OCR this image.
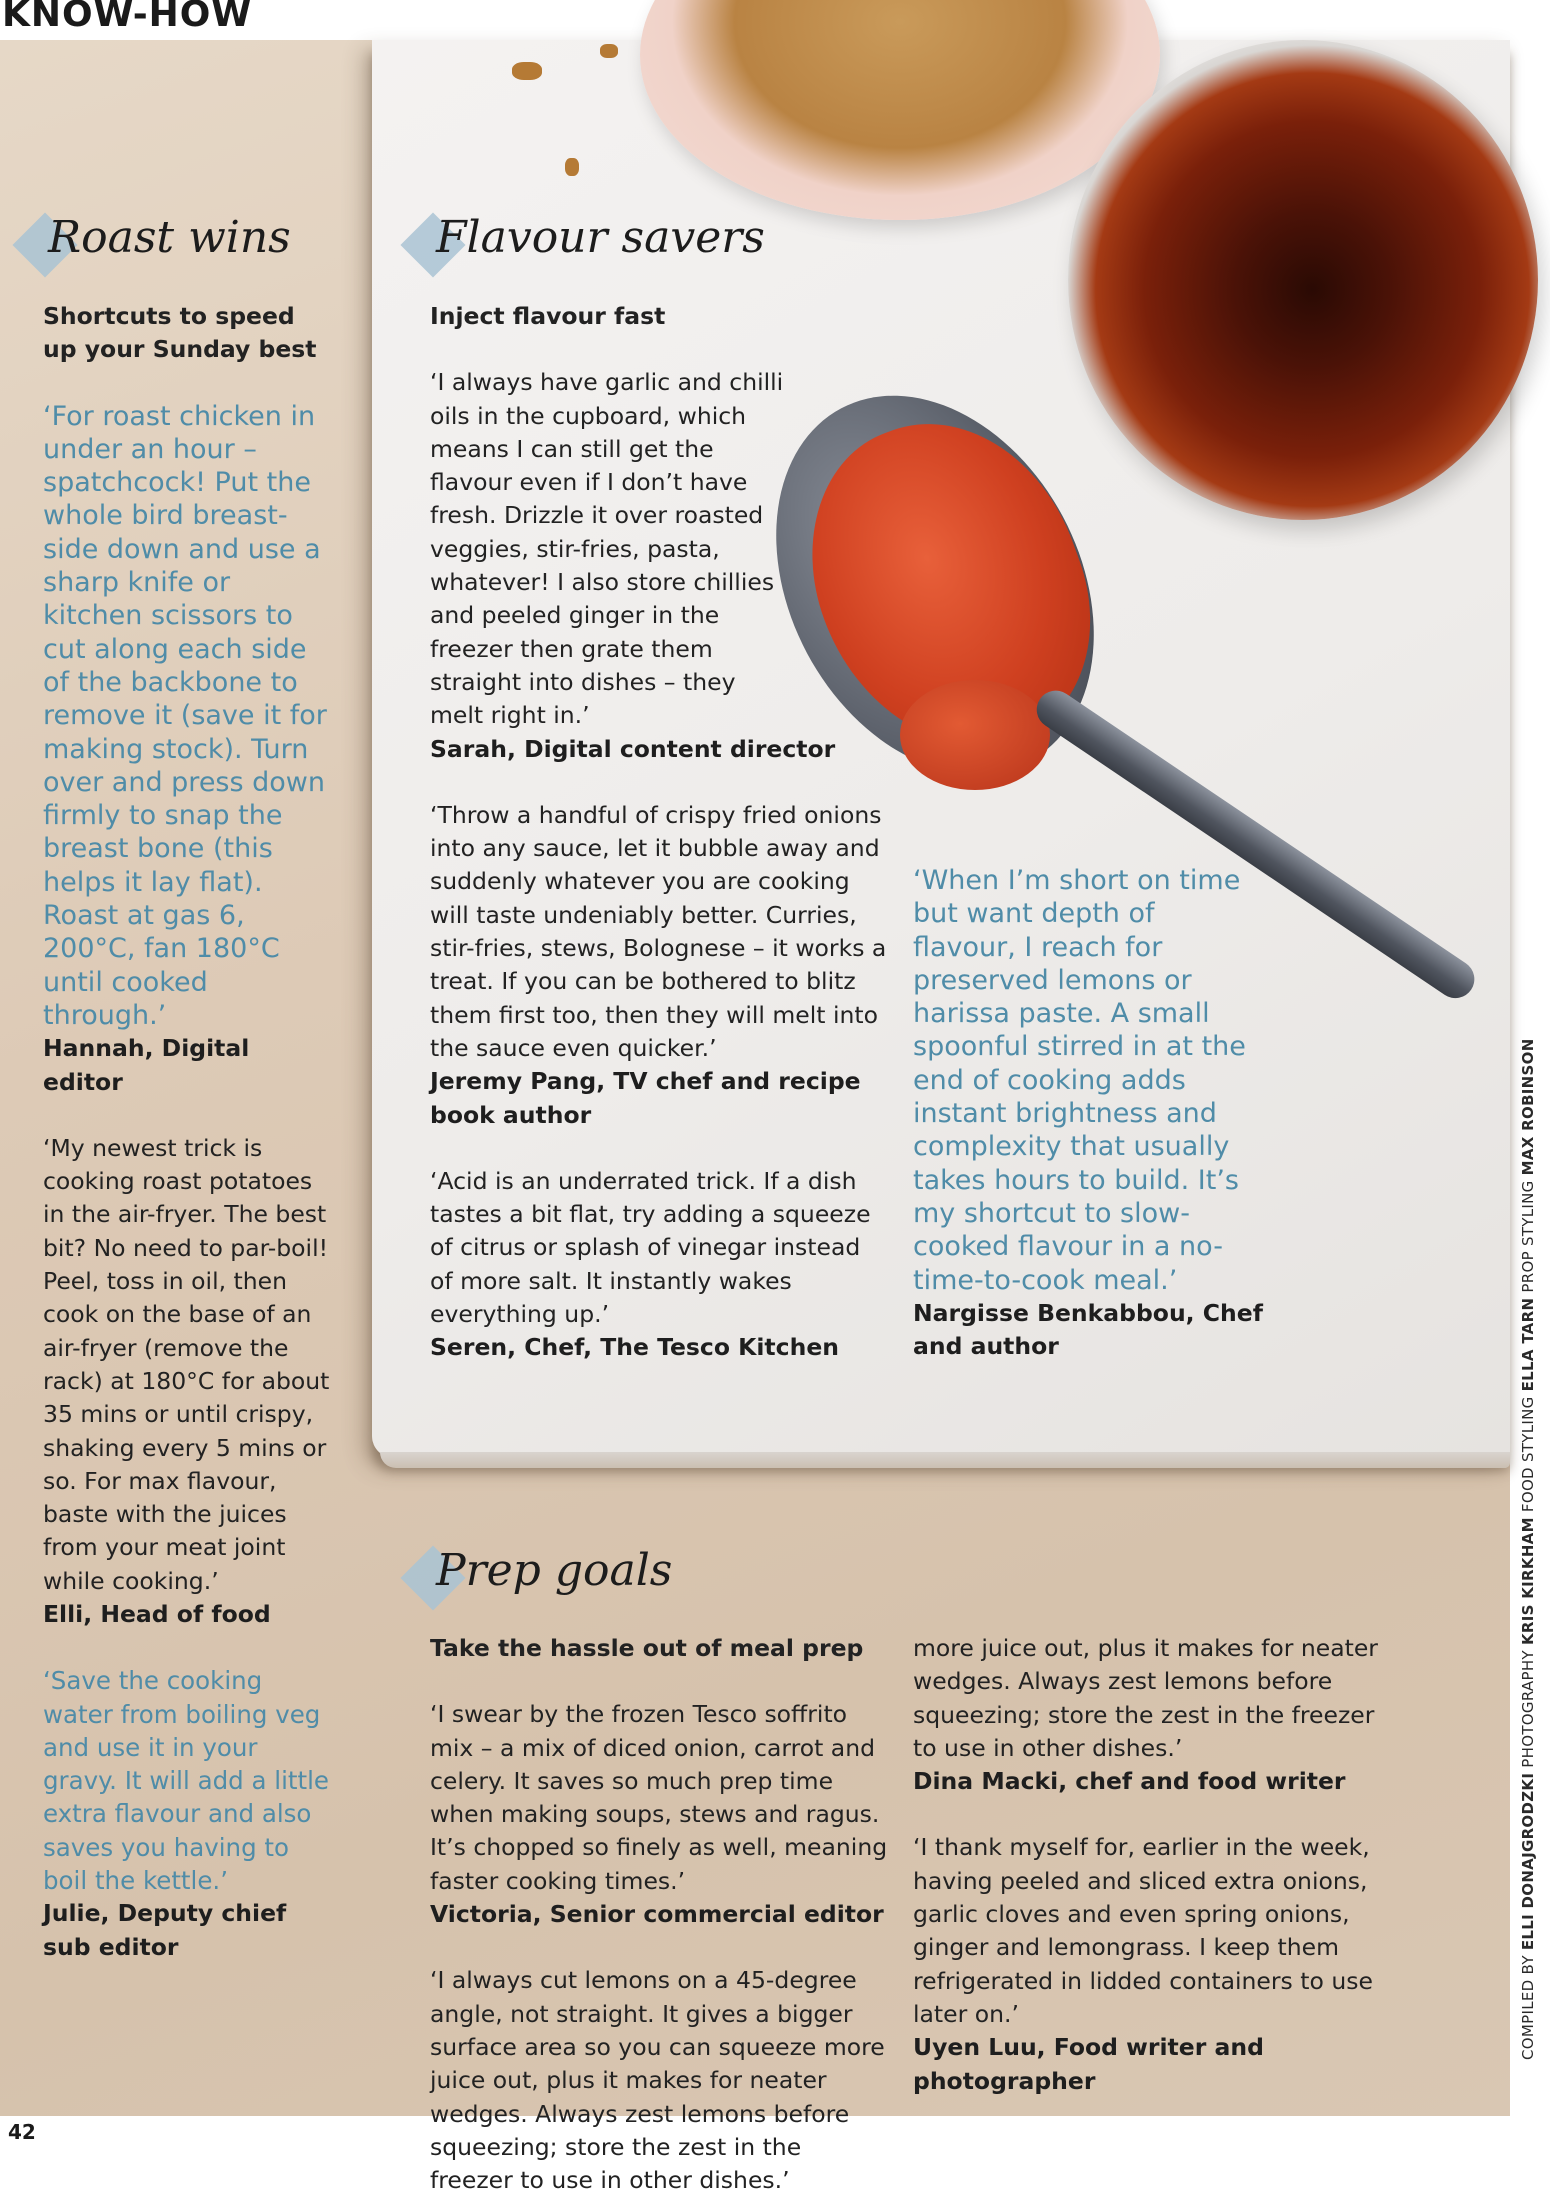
KNOW-HOW
Roast wins

Shortcuts to speed up your Sunday best

‘For roast chicken in under an hour – spatchcock! Put the whole bird breast-side down and use a sharp knife or kitchen scissors to cut along each side of the backbone to remove it (save it for making stock). Turn over and press down firmly to snap the breast bone (this helps it lay flat). Roast at gas 6, 200°C, fan 180°C until cooked through.’

Hannah, Digital editor

‘My newest trick is cooking roast potatoes in the air-fryer. The best bit? No need to par-boil! Peel, toss in oil, then cook on the base of an air-fryer (remove the rack) at 180°C for about 35 mins or until crispy, shaking every 5 mins or so. For max flavour, baste with the juices from your meat joint while cooking.’

Elli, Head of food

‘Save the cooking water from boiling veg and use it in your gravy. It will add a little extra flavour and also saves you having to boil the kettle.’

Julie, Deputy chief sub editor

Flavour savers

Inject flavour fast

‘I always have garlic and chilli oils in the cupboard, which means I can still get the flavour even if I don’t have fresh. Drizzle it over roasted veggies, stir-fries, pasta, whatever! I also store chillies and peeled ginger in the freezer then grate them straight into dishes – they melt right in.’

Sarah, Digital content director

‘Throw a handful of crispy fried onions into any sauce, let it bubble away and suddenly whatever you are cooking will taste undeniably better. Curries, stir-fries, stews, Bolognese – it works a treat. If you can be bothered to blitz them first too, then they will melt into the sauce even quicker.’

Jeremy Pang, TV chef and recipe book author

‘Acid is an underrated trick. If a dish tastes a bit flat, try adding a squeeze of citrus or splash of vinegar instead of more salt. It instantly wakes everything up.’

Seren, Chef, The Tesco Kitchen

‘When I’m short on time but want depth of flavour, I reach for preserved lemons or harissa paste. A small spoonful stirred in at the end of cooking adds instant brightness and complexity that usually takes hours to build. It’s my shortcut to slow-cooked flavour in a no-time-to-cook meal.’

Nargisse Benkabbou, Chef and author

Prep goals

Take the hassle out of meal prep

‘I swear by the frozen Tesco soffrito mix – a mix of diced onion, carrot and celery. It saves so much prep time when making soups, stews and ragus. It’s chopped so finely as well, meaning faster cooking times.’

Victoria, Senior commercial editor

‘I always cut lemons on a 45-degree angle, not straight. It gives a bigger surface area so you can squeeze more juice out, plus it makes for neater wedges. Always zest lemons before squeezing; store the zest in the freezer to use in other dishes.’

more juice out, plus it makes for neater wedges. Always zest lemons before squeezing; store the zest in the freezer to use in other dishes.’

Dina Macki, chef and food writer

‘I thank myself for, earlier in the week, having peeled and sliced extra onions, garlic cloves and even spring onions, ginger and lemongrass. I keep them refrigerated in lidded containers to use later on.’

Uyen Luu, Food writer and photographer

COMPILED BY ELLI DONAJGRODZKI PHOTOGRAPHY KRIS KIRKHAM FOOD STYLING ELLA TARN PROP STYLING MAX ROBINSON
42
